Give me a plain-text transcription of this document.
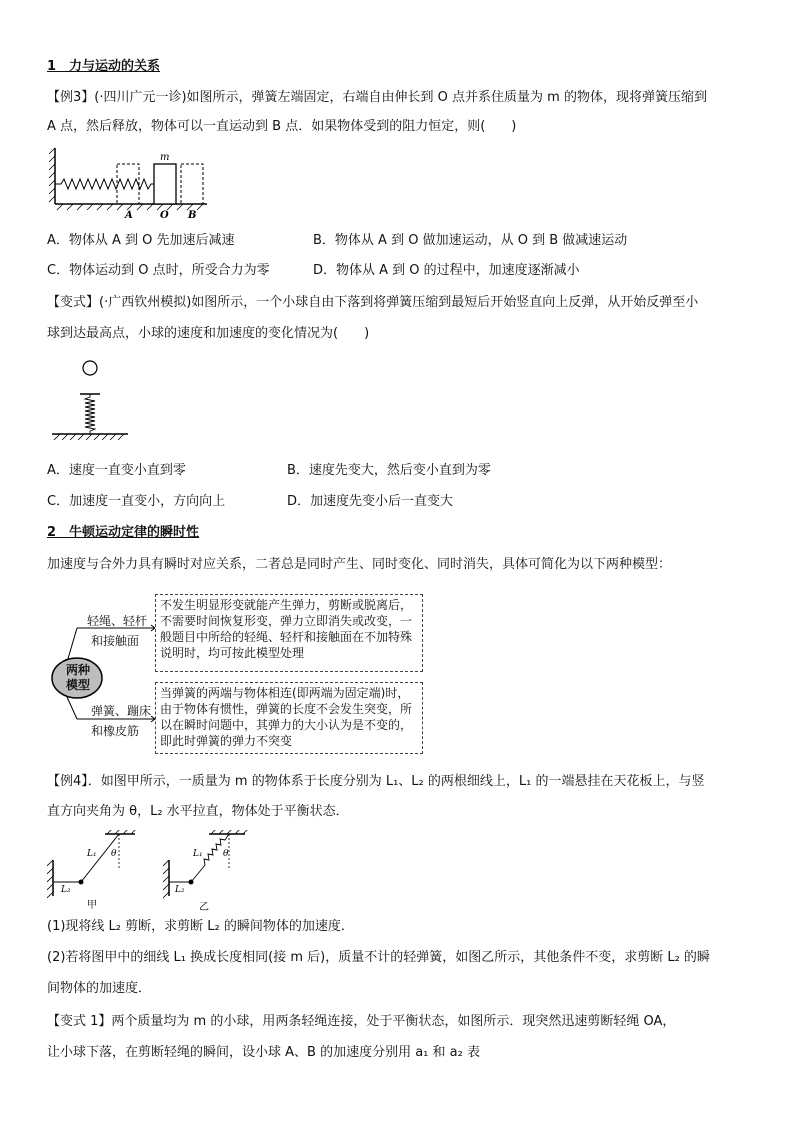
1　力与运动的关系
【例3】(·四川广元一诊)如图所示，弹簧左端固定，右端自由伸长到 O 点并系住质量为 m 的物体，现将弹簧压缩到
A 点，然后释放，物体可以一直运动到 B 点．如果物体受到的阻力恒定，则(　　)
m
A	O B
A．物体从 A 到 O 先加速后减速	B．物体从 A 到 O 做加速运动，从 O 到 B 做减速运动
C．物体运动到 O 点时，所受合力为零	D．物体从 A 到 O 的过程中，加速度逐渐减小
【变式】(·广西钦州模拟)如图所示，一个小球自由下落到将弹簧压缩到最短后开始竖直向上反弹，从开始反弹至小
球到达最高点，小球的速度和加速度的变化情况为(　　)
A．速度一直变小直到零	B．速度先变大，然后变小直到为零
C．加速度一直变小，方向向上	D．加速度先变小后一直变大
2　牛顿运动定律的瞬时性
加速度与合外力具有瞬时对应关系，二者总是同时产生、同时变化、同时消失，具体可简化为以下两种模型：
两种
模型
轻绳、轻杆
和接触面
弹簧、蹦床
和橡皮筋
不发生明显形变就能产生弹力，剪断或脱离后，不需要时间恢复形变，弹力立即消失或改变，一般题目中所给的轻绳、轻杆和接触面在不加特殊说明时，均可按此模型处理
当弹簧的两端与物体相连(即两端为固定端)时，由于物体有惯性，弹簧的长度不会发生突变，所以在瞬时问题中，其弹力的大小认为是不变的，即此时弹簧的弹力不突变
【例4】．如图甲所示，一质量为 m 的物体系于长度分别为 L₁、L₂ 的两根细线上，L₁ 的一端悬挂在天花板上，与竖
直方向夹角为 θ，L₂ 水平拉直，物体处于平衡状态．
L₁ θ
L₂
甲
L₁ θ
L₂
乙
(1)现将线 L₂ 剪断，求剪断 L₂ 的瞬间物体的加速度．
(2)若将图甲中的细线 L₁ 换成长度相同(接 m 后)，质量不计的轻弹簧，如图乙所示，其他条件不变，求剪断 L₂ 的瞬
间物体的加速度．
【变式 1】两个质量均为 m 的小球，用两条轻绳连接，处于平衡状态，如图所示．现突然迅速剪断轻绳 OA，
让小球下落，在剪断轻绳的瞬间，设小球 A、B 的加速度分别用 a₁ 和 a₂ 表
